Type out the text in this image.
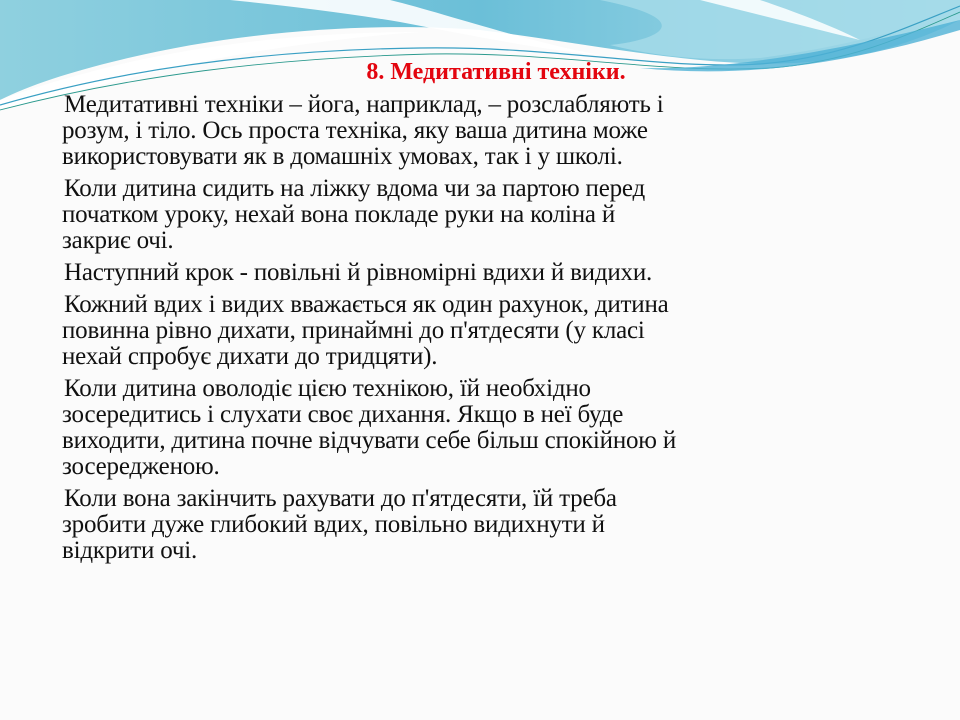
8. Медитативні техніки.
Медитативні техніки – йога, наприклад, – розслабляють і
розум, і тіло. Ось проста техніка, яку ваша дитина може
використовувати як в домашніх умовах, так і у школі.
Коли дитина сидить на ліжку вдома чи за партою перед
початком уроку, нехай вона покладе руки на коліна й
закриє очі.
Наступний крок - повільні й рівномірні вдихи й видихи.
Кожний вдих і видих вважається як один рахунок, дитина
повинна рівно дихати, принаймні до п'ятдесяти (у класі
нехай спробує дихати до тридцяти).
Коли дитина оволодіє цією технікою, їй необхідно
зосередитись і слухати своє дихання. Якщо в неї буде
виходити, дитина почне відчувати себе більш спокійною й
зосередженою.
Коли вона закінчить рахувати до п'ятдесяти, їй треба
зробити дуже глибокий вдих, повільно видихнути й
відкрити очі.
